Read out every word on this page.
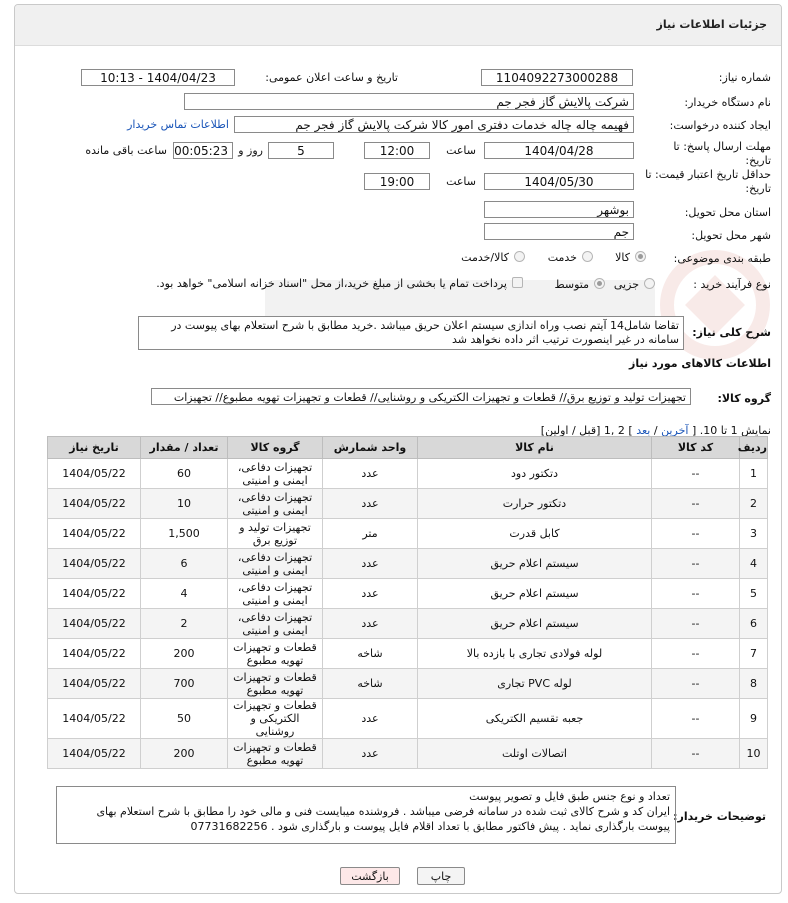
جزئیات اطلاعات نیاز
شماره نیاز:
1104092273000288
تاریخ و ساعت اعلان عمومی:
1404/04/23 - 10:13
نام دستگاه خریدار:
شرکت پالایش گاز فجر جم
ایجاد کننده درخواست:
فهیمه چاله چاله خدمات دفتری امور کالا شرکت پالایش گاز فجر جم
اطلاعات تماس خریدار
مهلت ارسال پاسخ: تا تاریخ:
1404/04/28
ساعت
12:00
5
روز و
00:05:23
ساعت باقی مانده
حداقل تاریخ اعتبار قیمت: تا تاریخ:
1404/05/30
ساعت
19:00
استان محل تحویل:
بوشهر
شهر محل تحویل:
جم
طبقه بندی موضوعی:
کالا
خدمت
کالا/خدمت
نوع فرآیند خرید :
جزیی
متوسط
پرداخت تمام یا بخشی از مبلغ خرید،از محل "اسناد خزانه اسلامی" خواهد بود.
شرح کلی نیاز:
تقاضا شامل14 آیتم نصب وراه اندازی سیستم اعلان حریق میباشد .خرید مطابق با شرح استعلام بهای پیوست در سامانه در غیر اینصورت ترتیب اثر داده نخواهد شد
اطلاعات کالاهای مورد نیاز
گروه کالا:
تجهیزات تولید و توزیع برق// قطعات و تجهیزات الکتریکی و روشنایی// قطعات و تجهیزات تهویه مطبوع// تجهیزات
نمایش 1 تا 10. [ آخرین / بعد ] 2 ,1 [قبل / اولین]
ردیف	کد کالا	نام کالا	واحد شمارش	گروه کالا	تعداد / مقدار	تاریخ نیاز
1	--	دتکتور دود	عدد	تجهیزات دفاعی، ایمنی و امنیتی	60	1404/05/22
2	--	دتکتور حرارت	عدد	تجهیزات دفاعی، ایمنی و امنیتی	10	1404/05/22
3	--	کابل قدرت	متر	تجهیزات تولید و توزیع برق	1,500	1404/05/22
4	--	سیستم اعلام حریق	عدد	تجهیزات دفاعی، ایمنی و امنیتی	6	1404/05/22
5	--	سیستم اعلام حریق	عدد	تجهیزات دفاعی، ایمنی و امنیتی	4	1404/05/22
6	--	سیستم اعلام حریق	عدد	تجهیزات دفاعی، ایمنی و امنیتی	2	1404/05/22
7	--	لوله فولادی تجاری با بازده بالا	شاخه	قطعات و تجهیزات تهویه مطبوع	200	1404/05/22
8	--	لوله PVC تجاری	شاخه	قطعات و تجهیزات تهویه مطبوع	700	1404/05/22
9	--	جعبه تقسیم الکتریکی	عدد	قطعات و تجهیزات الکتریکی و روشنایی	50	1404/05/22
10	--	اتصالات اوتلت	عدد	قطعات و تجهیزات تهویه مطبوع	200	1404/05/22
توضیحات خریدار:
تعداد و نوع جنس طبق فایل و تصویر پیوست
ایران کد و شرح کالای ثبت شده در سامانه فرضی میباشد . فروشنده میبایست فنی و مالی خود را مطابق با شرح استعلام بهای پیوست بارگذاری نماید . پیش فاکتور مطابق با تعداد اقلام فایل پیوست و بارگذاری شود . 07731682256
چاپ
بازگشت
